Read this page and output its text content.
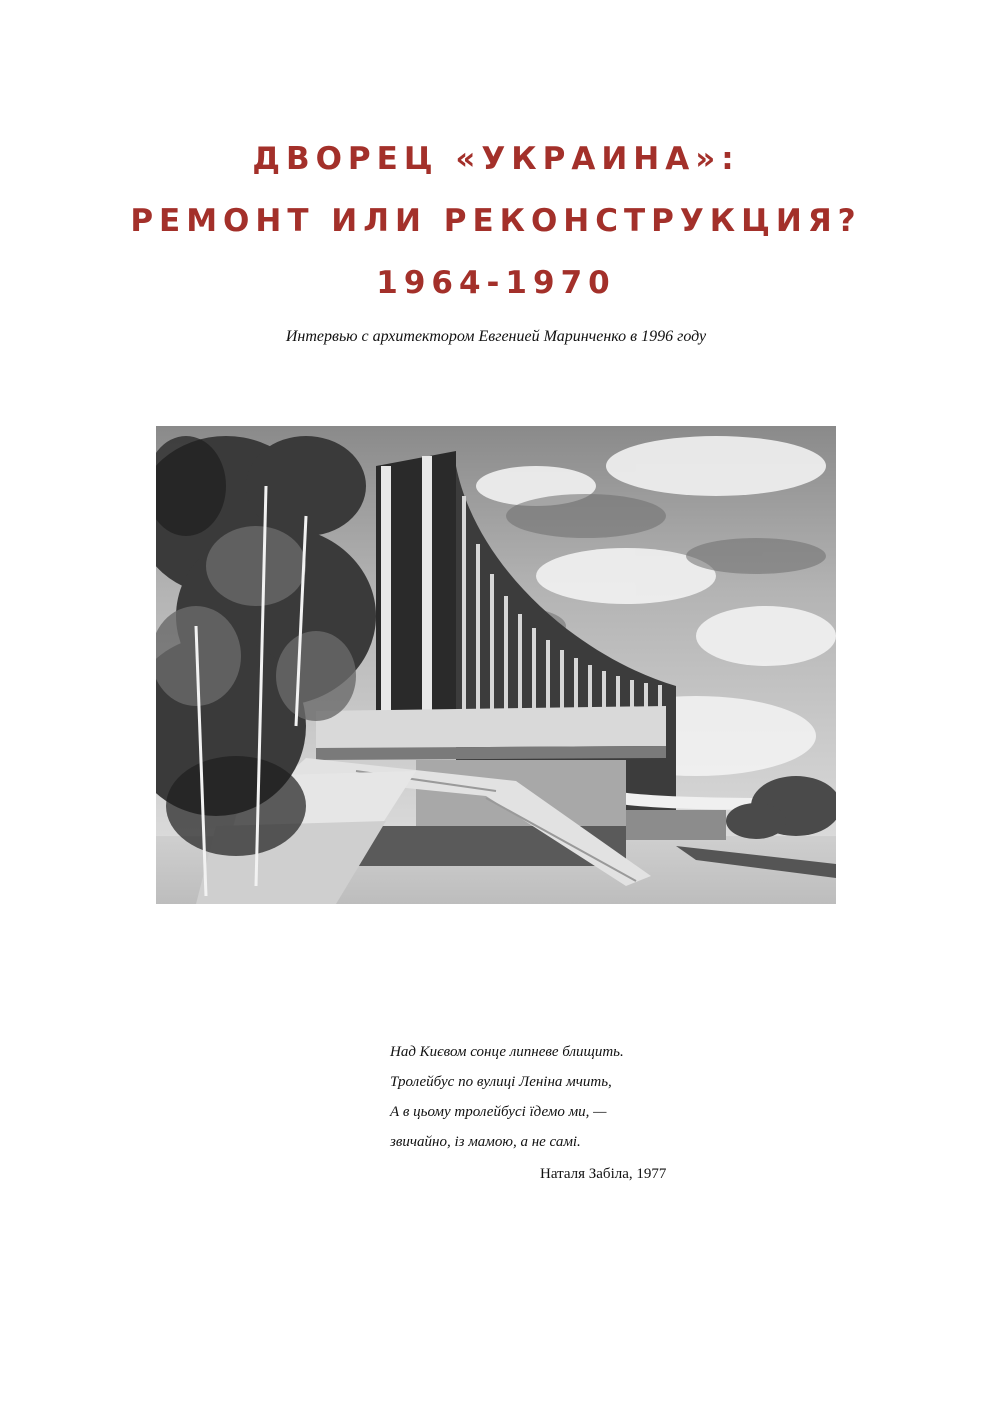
ДВОРЕЦ «УКРАИНА»:
РЕМОНТ ИЛИ РЕКОНСТРУКЦИЯ?
1964-1970
Интервью с архитектором Евгенией Маринченко в 1996 году
Над Києвом сонце липневе блищить.
Тролейбус по вулиці Леніна мчить,
А в цьому тролейбусі їдемо ми, —
звичайно, із мамою, а не самі.
Наталя Забіла, 1977
